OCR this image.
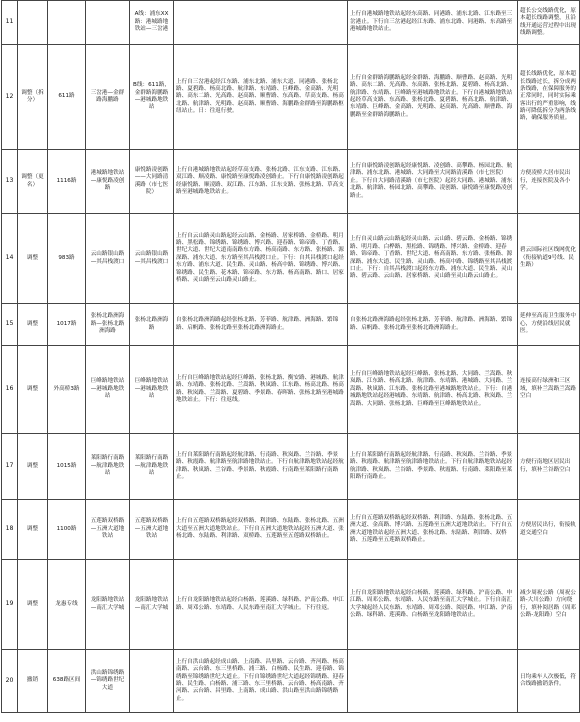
11				A线：浦东XX路：港城路地铁站—三岔港		上行自港城路地铁站起经东高路、同港路、浦东北路、江东路至三岔港止。下行自三岔港起经江东路、浦东北路、同港路、东高路至港城路地铁站止。	超长公交线路优化，原本超长线路调整，且沿线开通运营过程中出现线路调整。
12	调整（拆分）	611路	三岔港—金群路海鹏路	B线：611路，金群路海鹏路—港城路地铁站	上行自三岔港起经江东路、浦东北路、浦东大道、同港路、张杨北路、夏碧路、杨高北路、航津路、东靖路、巨峰路、金高路、光明路、高东二路、光高路、赵高路、顺曹路、东高路、草高支路、杨高北路、航津路、光明路、赵高路、顺曹路、海鹏路金群路至海鹏路枢纽站止。日：往返行驶。	上行自金群路海鹏路起经金群路、海鹏路、顺曹路、赵高路、光明路、高东二路、光高路、东高路、张杨北路、夏碧路、杨高北路、航津路、东靖路、巨峰路至港城路地铁站止。下行自港城路地铁站起经草高支路、东高路、张杨北路、夏碧路、杨高北路、航津路、东靖路、巨峰路、金高路、光明路、赵高路、光高路、顺曹路、海鹏路至金群路海鹏路止。	超长线路优化，原本超长线路过长，拆分成两条线路，在保障服务的正常同时，同时实际乘客出行的严重影响，线路可降低拆分为两条线路，确保服务质量。
13	调整（更名）	1116路	港城路地铁站—康悦路凌创路	康悦路凌创路——大同路清溪路（市七医院）	上行自港城路地铁站起经草高支路、张杨北路、江东支路、江东路、双江路、顺凌路、康悦路至康悦路凌创路止。下行自康悦路凌创路起经康悦路、顺凌路、双江路、江东路、江东支路、张杨北路、草高支路至港城路地铁站止。	上行自康悦路凌创路起经康悦路、凌创路、高攀路、杨园北路、航津路、浦东北路、港城路、大同路至大同路清溪路（市七医院）止。下行自大同路清溪路（市七医院）起经大同路、港城路、浦东北路、航津路、杨园北路、高攀路、凌创路、康悦路至康悦路凌创路止。	方便凌桥大居市民出行，连接医院及各小学。
14	调整	983路	云山路银山路—其昌栈渡口	云山路银山路—其昌栈渡口	上行自云山路灵山路起经云山路、金杨路、居家桥路、金桥路、明月路、黑松路、锦绣路、锦绣路、博兴路、迎春路、锦帝路、丁香路、世纪大道、世纪大道南南路东方路、杨高南路、东方路、张杨路、源深路、浦东大道、东方路至其昌栈渡口止。下行：自其昌栈渡口起经东方路、浦东大道、民生路、灵山路、杨高中路、锦绣路、博兴路、锦绣路、民生路、花木路、锦帝路、东方路、杨高南路、路口、居家桥路、灵山路至云山路灵山路止。	上行自灵山路云山路起经灵山路、云山路、碧云路、金杨路、锦绣路、明月路、白桦路、黑松路、锦绣路、博兴路、金桥路、迎春路、锦帝路、丁香路、世纪大道、杨高南路、东方路、张杨路、源深路、浦东大道、民生路、灵山路、杨高中路、锦绣路至其昌栈渡口止。下行：自其昌栈渡口起经东方路、浦东大道、民生路、灵山路、碧云路、云山路、居家桥路、灵山路至灵山路云山路止。	碧云国际社区线网优化（衔接轨道9号线、民生路）
15	调整	1017路	张杨北路洲海路—张杨北路洲海路	张杨北路洲海路	自张杨北路洲海路起经张杨北路、芳菲路、航津路、洲海路、繁锦路、启帆路、张杨北路至张杨北路洲海路止。	自张杨北路洲海路起经张杨北路、芳菲路、航津路、洲海路、繁锦路、启帆路、张杨北路至张杨北路洲海路止。	延伸至高南卫生服务中心，方便沿线居民就医。
16	调整	外高桥3路	巨峰路地铁站—港城路地铁站	巨峰路地铁站—港城路地铁站	上行自巨峰路地铁站起经巨峰路、张杨北路、衡安路、港城路、航津路、东靖路、张杨北路、兰嵩路、秋岚路、江东路、杨高北路、杨高路、秋岚路、兰嵩路、夏碧路、季景路、春晖路、张杨北路至港城路地铁站止。下行：往返线。	上行自巨峰路地铁站起经巨峰路、张杨北路、大同路、兰嵩路、秋岚路、江东路、杨高北路、航津路、东靖路、港城路、大同路、兰嵩路、秋岚路、江东路、张杨北路至港城路地铁站止。下行：自港城路地铁站起经港城路、东靖路、航津路、杨高北路、秋岚路、兰嵩路、大同路、张杨北路、巨峰路至巨峰路地铁站止。	连接高行绿洲和三区域，填补兰嵩路兰嵩路空白
17	调整	1015路	莱阳路行南路—航津路地铁站	莱阳路行南路—航津路地铁站	上行自莱阳路行南路起经航津路、行南路、秋岚路、兰谷路、季景路、秋霞路、航津路至航津路地铁站止。下行自航津路地铁站起经航津路、秋岚路、兰谷路、季景路、秋霞路、行南路至莱阳路行南路止。	上行自莱阳路行南路起经航津路、行南路、秋岚路、兰谷路、季景路、秋霞路、航津路至航津路地铁站止。下行自航津路地铁站起经航津路、秋岚路、兰谷路、季景路、秋霞路、行南路、莱阳路至莱阳路行南路止。	方便行南地区居民出行，填补兰谷路空白
18	调整	1100路	五莲路双桥路—五洲大道地铁站	五莲路双桥路—五洲大道地铁站	上行自五莲路双桥路起经双桥路、利津路、东陆路、张杨北路、五洲大道至五洲大道地铁站止。下行自五洲大道地铁站起经五洲大道、张杨北路、东陆路、利津路、双桥路、五莲路至五莲路双桥路止。	上行自五莲路双桥路起经双桥路、利津路、东陆路、张杨北路、五洲大道、金高路、博兴路、五莲路至五洲大道地铁站止。下行自五洲大道地铁站起经五洲大道、张杨北路、东陆路、利津路、双桥路、五莲路至五莲路双桥路止。	方便居民出行，衔接轨道交通空白
19	调整	龙惠专线	龙阳路地铁站—南汇大学城	龙阳路地铁站—南汇大学城	上行自龙阳路地铁站起经白杨路、莲溪路、绿科路、沪南公路、申江路、周邓公路、东靖路、人民东路至南汇大学城止。下行往返。	上行自龙阳路地铁站起经白杨路、莲溪路、绿科路、沪南公路、申江路、周邓公路、东靖路、人民东路至南汇大学城止。下行自南汇大学城起经人民东路、东靖路、周邓公路、阅居路、申江路、沪南公路、绿科路、莲溪路、白杨路至龙阳路地铁站止。	减少周祝公路（周祝公路-大川公路）方向绕行，填补阅居路（周邓公路-龙阳路）空白
20	撤销	638路区间	洪山路锦绣路—锦绣路世纪大道		上行自洪山路起经成山路、上南路、昌里路、云台路、齐河路、杨高南路、云台路、东三里桥路、浦三路、白杨路、民生路、迎春路、锦绣路至锦绣路世纪大道止。下行自锦绣路世纪大道起经锦绣路、迎春路、民生路、白杨路、浦三路、东三里桥路、云台路、杨高南路、齐河路、云台路、昌里路、上南路、成山路、洪山路至洪山路锦绣路止。		日均乘车人次极低，符合线路撤销条件。
